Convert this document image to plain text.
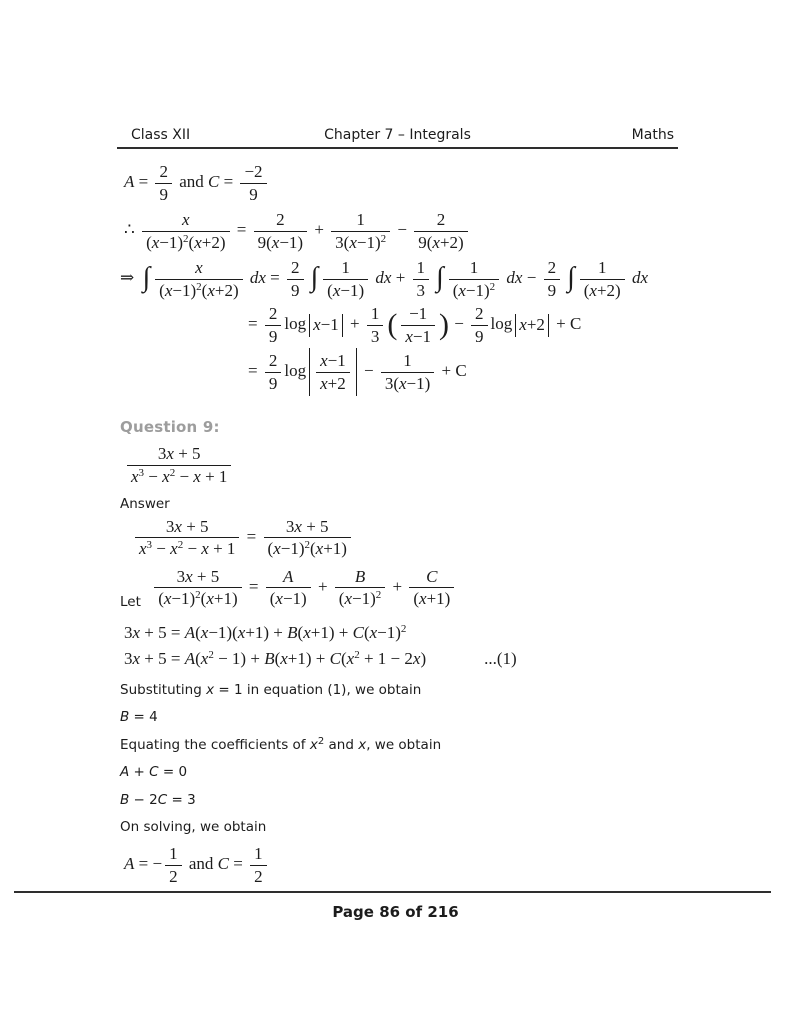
Class XII	Chapter 7 – Integrals	Maths
$A = \frac{2}{9}$ and $C = \frac{-2}{9}$
∴ $\frac{x}{(x-1)^2(x+2)} = \frac{2}{9(x-1)} + \frac{1}{3(x-1)^2} - \frac{2}{9(x+2)}$
⇒ ∫ $\frac{x}{(x-1)^2(x+2)}$ dx = $\frac{2}{9}$ ∫ $\frac{1}{(x-1)}$ dx + $\frac{1}{3}$ ∫ $\frac{1}{(x-1)^2}$ dx − $\frac{2}{9}$ ∫ $\frac{1}{(x+2)}$ dx
= $\frac{2}{9}$ $\log x-1 + \frac{1}{3}$ ( $\frac{-1}{x-1}$ ) − $\frac{2}{9}$ log x+2 + C
= $\frac{2}{9}$ $\log \frac{x-1}{x+2} - \frac{1}{3(x-1)} + C$
Question 9:
$\frac{3x + 5}{x^3 - x^2 - x + 1}$
Answer
$\frac{3x + 5}{x^3 - x^2 - x + 1} = \frac{3x + 5}{(x-1)^2(x+1)}$
$_{Let} \frac{3x + 5}{(x-1)^2(x+1)} = \frac{A}{(x-1)} + \frac{B}{(x-1)^2} + \frac{C}{(x+1)}$
$3x + 5 = A(x-1)(x+1) + B(x+1) + C(x-1)^2$
$3x + 5 = A(x^2 - 1) + B(x+1) + C(x^2 + 1 - 2x)$	...(1)
Substituting x = 1 in equation (1), we obtain
B = 4
Equating the coefficients of $x^2$ and x, we obtain
A + C = 0
B − 2C = 3
On solving, we obtain
A = − $\frac{1}{2}$ and $C = \frac{1}{2}$
Page 86 of 216
